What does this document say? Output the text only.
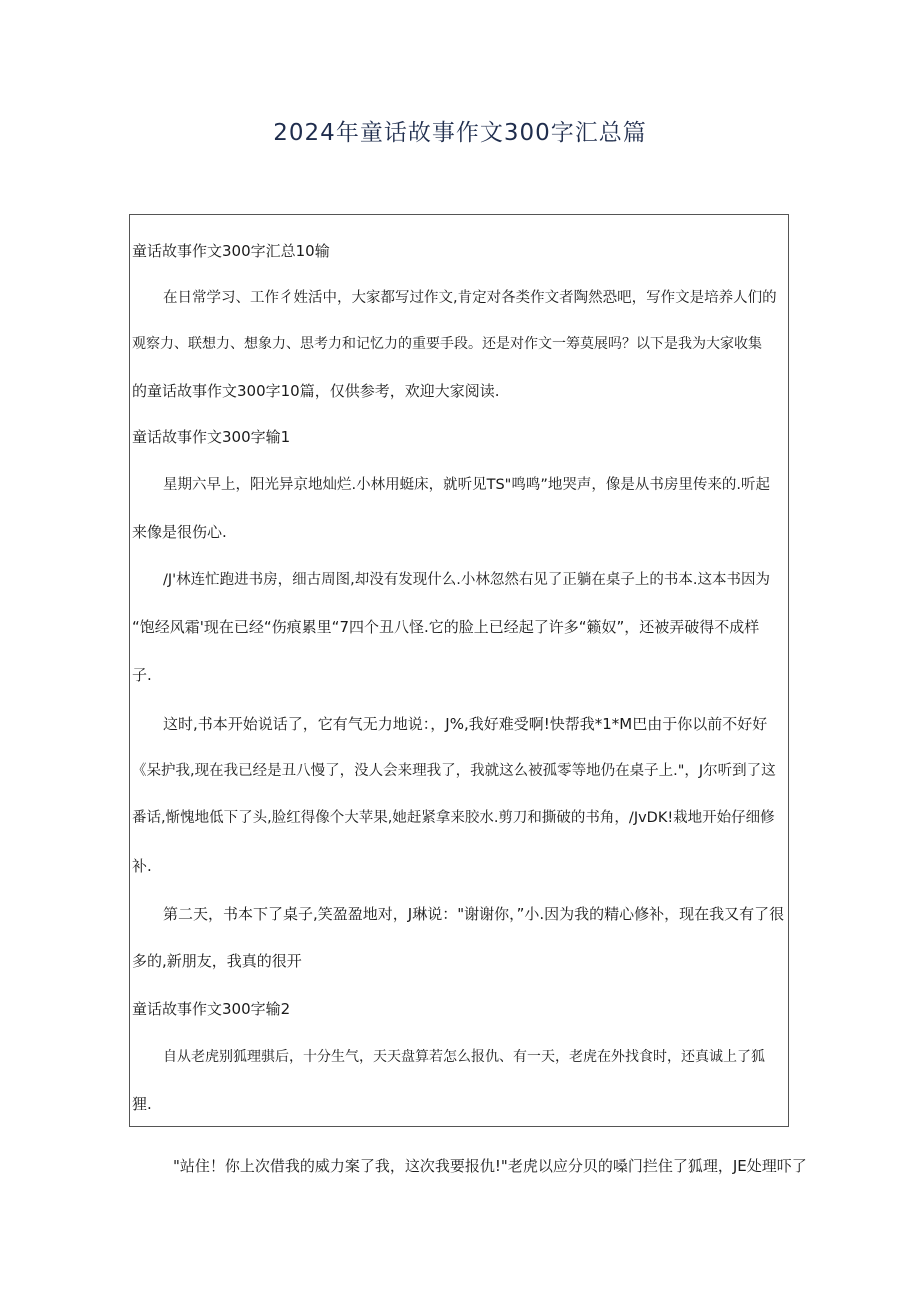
2024年童话故事作文300字汇总篇
童话故事作文300字汇总10输
在日常学习、工作彳姓活中，大家都写过作文,肯定对各类作文者陶然恐吧，写作文是培养人们的
观察力、联想力、想象力、思考力和记忆力的重要手段。还是对作文一筹莫展吗？以下是我为大家收集
的童话故事作文300字10篇，仅供参考，欢迎大家阅读.
童话故事作文300字输1
星期六早上，阳光异京地灿烂.小林用蜓床，就听见TS"鸣鸣”地哭声，像是从书房里传来的.听起
来像是很伤心.
/J'林连忙跑进书房，细古周图,却没有发现什么.小林忽然右见了正躺在桌子上的书本.这本书因为
“饱经风霜'现在已经“伤痕累里“7四个丑八怪.它的脸上已经起了许多“籁奴”，还被弄破得不成样
子.
这时,书本开始说话了，它有气无力地说：，J%,我好难受啊!快帮我*1*M巴由于你以前不好好
《呆护我,现在我已经是丑八慢了，没人会来理我了，我就这么被孤零等地仍在桌子上."，J尔听到了这
番话,惭愧地低下了头,脸红得像个大苹果,她赶紧拿来胶水.剪刀和撕破的书角，/JvDK!栽地开始仔细修
补.
第二天，书本下了桌子,笑盈盈地对，J琳说："谢谢你，”小.因为我的精心修补，现在我又有了很
多的,新朋友，我真的很开
童话故事作文300字输2
自从老虎别狐理骐后，十分生气，天天盘算若怎么报仇、有一天，老虎在外找食时，还真诚上了狐
狸.
"站住！你上次借我的威力案了我，这次我要报仇!"老虎以应分贝的嗓门拦住了狐理，JE处理吓了
